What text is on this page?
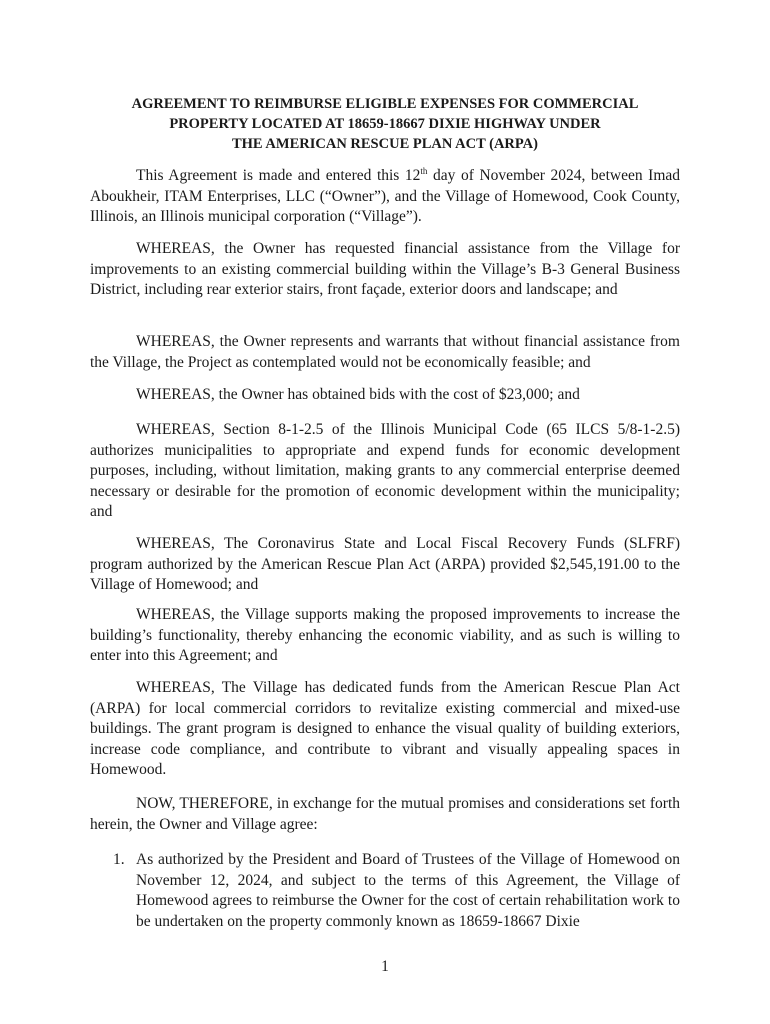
AGREEMENT TO REIMBURSE ELIGIBLE EXPENSES FOR COMMERCIAL
PROPERTY LOCATED AT 18659-18667 DIXIE HIGHWAY UNDER
THE AMERICAN RESCUE PLAN ACT (ARPA)

This Agreement is made and entered this 12th day of November 2024, between Imad Aboukheir, ITAM Enterprises, LLC (“Owner”), and the Village of Homewood, Cook County, Illinois, an Illinois municipal corporation (“Village”).

WHEREAS, the Owner has requested financial assistance from the Village for improvements to an existing commercial building within the Village’s B-3 General Business District, including rear exterior stairs, front façade, exterior doors and landscape; and

WHEREAS, the Owner represents and warrants that without financial assistance from the Village, the Project as contemplated would not be economically feasible; and

WHEREAS, the Owner has obtained bids with the cost of $23,000; and

WHEREAS, Section 8-1-2.5 of the Illinois Municipal Code (65 ILCS 5/8-1-2.5) authorizes municipalities to appropriate and expend funds for economic development purposes, including, without limitation, making grants to any commercial enterprise deemed necessary or desirable for the promotion of economic development within the municipality; and

WHEREAS, The Coronavirus State and Local Fiscal Recovery Funds (SLFRF) program authorized by the American Rescue Plan Act (ARPA) provided $2,545,191.00 to the Village of Homewood; and

WHEREAS, the Village supports making the proposed improvements to increase the building’s functionality, thereby enhancing the economic viability, and as such is willing to enter into this Agreement; and

WHEREAS, The Village has dedicated funds from the American Rescue Plan Act (ARPA) for local commercial corridors to revitalize existing commercial and mixed-use buildings. The grant program is designed to enhance the visual quality of building exteriors, increase code compliance, and contribute to vibrant and visually appealing spaces in Homewood.

NOW, THEREFORE, in exchange for the mutual promises and considerations set forth herein, the Owner and Village agree:

1. As authorized by the President and Board of Trustees of the Village of Homewood on November 12, 2024, and subject to the terms of this Agreement, the Village of Homewood agrees to reimburse the Owner for the cost of certain rehabilitation work to be undertaken on the property commonly known as 18659-18667 Dixie
1
